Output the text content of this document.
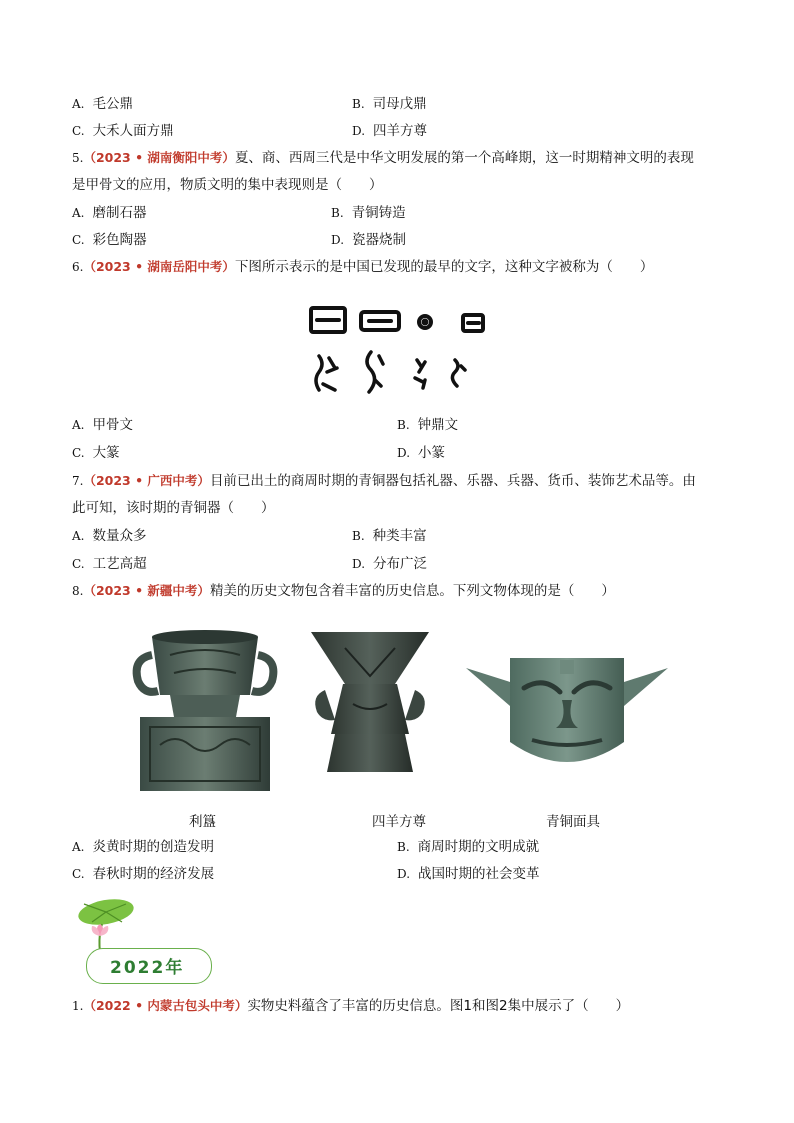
A. 毛公鼎	B. 司母戊鼎
C. 大禾人面方鼎	D. 四羊方尊
5.（2023 • 湖南衡阳中考）夏、商、西周三代是中华文明发展的第一个高峰期，这一时期精神文明的表现
是甲骨文的应用，物质文明的集中表现则是（　　）
A. 磨制石器	B. 青铜铸造
C. 彩色陶器	D. 瓷器烧制
6.（2023 • 湖南岳阳中考）下图所示表示的是中国已发现的最早的文字，这种文字被称为（　　）
A. 甲骨文	B. 钟鼎文
C. 大篆	D. 小篆
7.（2023 • 广西中考）目前已出土的商周时期的青铜器包括礼器、乐器、兵器、货币、装饰艺术品等。由
此可知，该时期的青铜器（　　）
A. 数量众多	B. 种类丰富
C. 工艺高超	D. 分布广泛
8.（2023 • 新疆中考）精美的历史文物包含着丰富的历史信息。下列文物体现的是（　　）
利簋	四羊方尊	青铜面具
A. 炎黄时期的创造发明	B. 商周时期的文明成就
C. 春秋时期的经济发展	D. 战国时期的社会变革
2022年
1.（2022 • 内蒙古包头中考）实物史料蕴含了丰富的历史信息。图1和图2集中展示了（　　）
